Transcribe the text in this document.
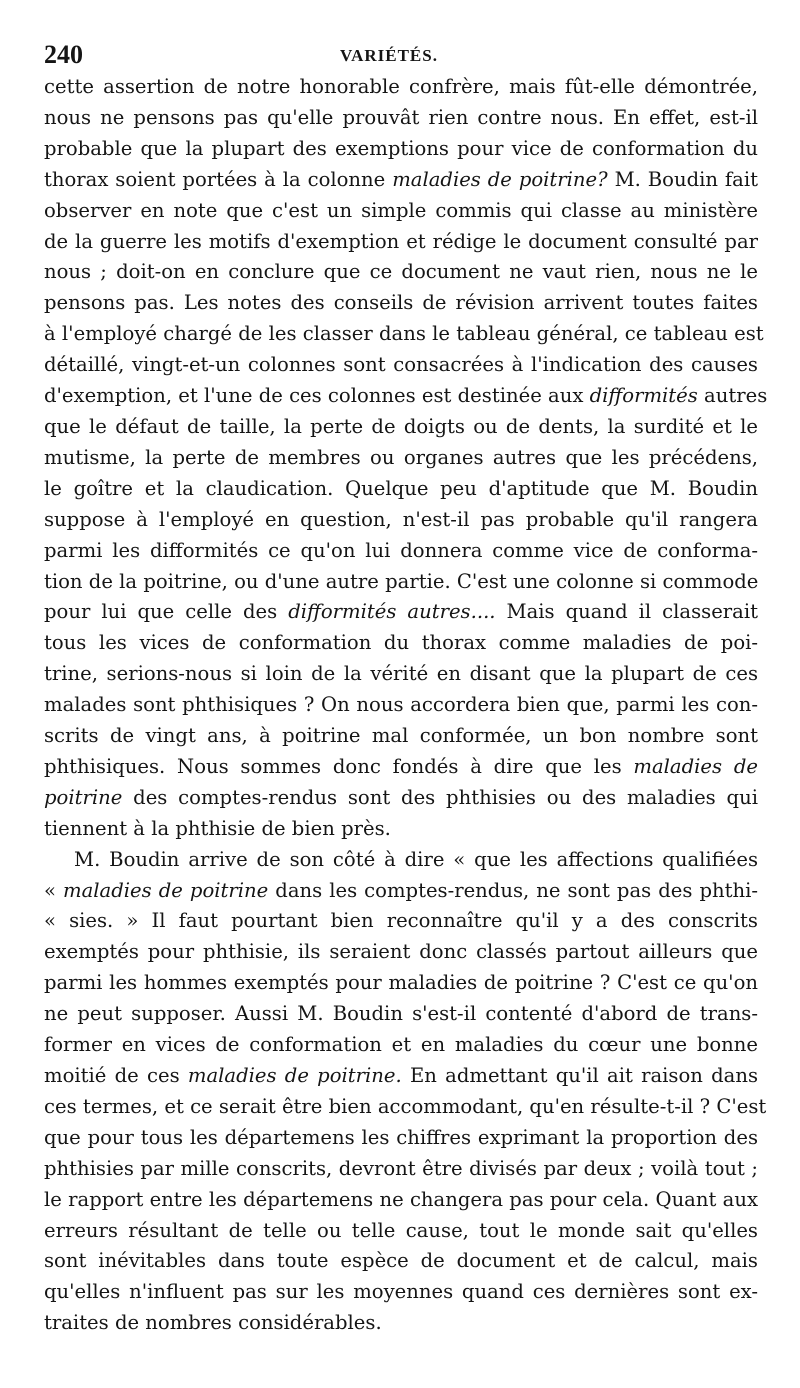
240	VARIÉTÉS.
cette assertion de notre honorable confrère, mais fût-elle démontrée,
nous ne pensons pas qu'elle prouvât rien contre nous. En effet, est-il
probable que la plupart des exemptions pour vice de conformation du
thorax soient portées à la colonne maladies de poitrine? M. Boudin fait
observer en note que c'est un simple commis qui classe au ministère
de la guerre les motifs d'exemption et rédige le document consulté par
nous ; doit-on en conclure que ce document ne vaut rien, nous ne le
pensons pas. Les notes des conseils de révision arrivent toutes faites
à l'employé chargé de les classer dans le tableau général, ce tableau est
détaillé, vingt-et-un colonnes sont consacrées à l'indication des causes
d'exemption, et l'une de ces colonnes est destinée aux difformités autres
que le défaut de taille, la perte de doigts ou de dents, la surdité et le
mutisme, la perte de membres ou organes autres que les précédens,
le goître et la claudication. Quelque peu d'aptitude que M. Boudin
suppose à l'employé en question, n'est-il pas probable qu'il rangera
parmi les difformités ce qu'on lui donnera comme vice de conforma-
tion de la poitrine, ou d'une autre partie. C'est une colonne si commode
pour lui que celle des difformités autres.... Mais quand il classerait
tous les vices de conformation du thorax comme maladies de poi-
trine, serions-nous si loin de la vérité en disant que la plupart de ces
malades sont phthisiques ? On nous accordera bien que, parmi les con-
scrits de vingt ans, à poitrine mal conformée, un bon nombre sont
phthisiques. Nous sommes donc fondés à dire que les maladies de
poitrine des comptes-rendus sont des phthisies ou des maladies qui
tiennent à la phthisie de bien près.
M. Boudin arrive de son côté à dire « que les affections qualifiées
« maladies de poitrine dans les comptes-rendus, ne sont pas des phthi-
« sies. » Il faut pourtant bien reconnaître qu'il y a des conscrits
exemptés pour phthisie, ils seraient donc classés partout ailleurs que
parmi les hommes exemptés pour maladies de poitrine ? C'est ce qu'on
ne peut supposer. Aussi M. Boudin s'est-il contenté d'abord de trans-
former en vices de conformation et en maladies du cœur une bonne
moitié de ces maladies de poitrine. En admettant qu'il ait raison dans
ces termes, et ce serait être bien accommodant, qu'en résulte-t-il ? C'est
que pour tous les départemens les chiffres exprimant la proportion des
phthisies par mille conscrits, devront être divisés par deux ; voilà tout ;
le rapport entre les départemens ne changera pas pour cela. Quant aux
erreurs résultant de telle ou telle cause, tout le monde sait qu'elles
sont inévitables dans toute espèce de document et de calcul, mais
qu'elles n'influent pas sur les moyennes quand ces dernières sont ex-
traites de nombres considérables.
